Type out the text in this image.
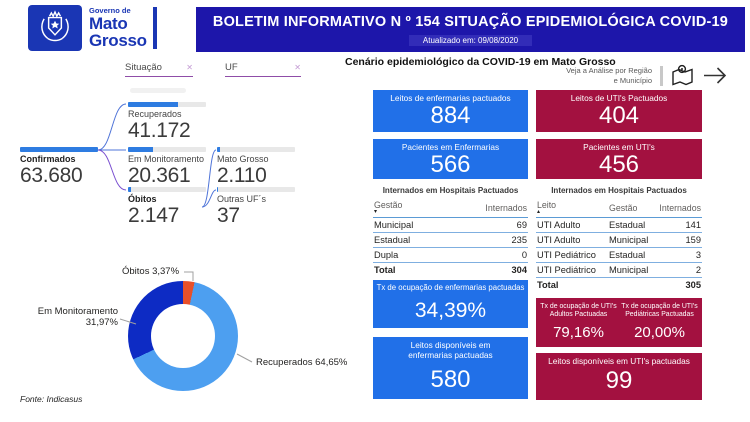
Governo de
Mato
Grosso
BOLETIM INFORMATIVO N º 154 SITUAÇÃO EPIDEMIOLÓGICA COVID-19
Atualizado em: 09/08/2020
Situação	✕	UF	✕	Cenário epidemiológico da COVID-19 em Mato Grosso
Veja a Análise por Região
e Município
Confirmados
63.680
Recuperados
41.172
Em Monitoramento
20.361
Óbitos
2.147
Mato Grosso
2.110
Outras UF´s
37
Óbitos 3,37%
Em Monitoramento
31,97%
Recuperados 64,65%
Fonte: Indicasus
Leitos de enfermarias pactuados
884
Pacientes em Enfermarias
566
Internados em Hospitais Pactuados
Gestão
▾	Internados
Municipal	69
Estadual	235
Dupla	0
Total	304
Tx de ocupação de enfermarias pactuadas
34,39%
Leitos disponíveis em enfermarias pactuadas
580
Leitos de UTI's Pactuados
404
Pacientes em UTI's
456
Internados em Hospitais Pactuados
Leito
▴	Gestão	Internados
UTI Adulto	Estadual	141
UTI Adulto	Municipal	159
UTI Pediátrico	Estadual	3
UTI Pediátrico	Municipal	2
Total	305
Tx de ocupação de UTI's Adultos Pactuadas
79,16%
Tx de ocupação de UTI's Pediátricas Pactuadas
20,00%
Leitos disponíveis em UTI's pactuadas
99
